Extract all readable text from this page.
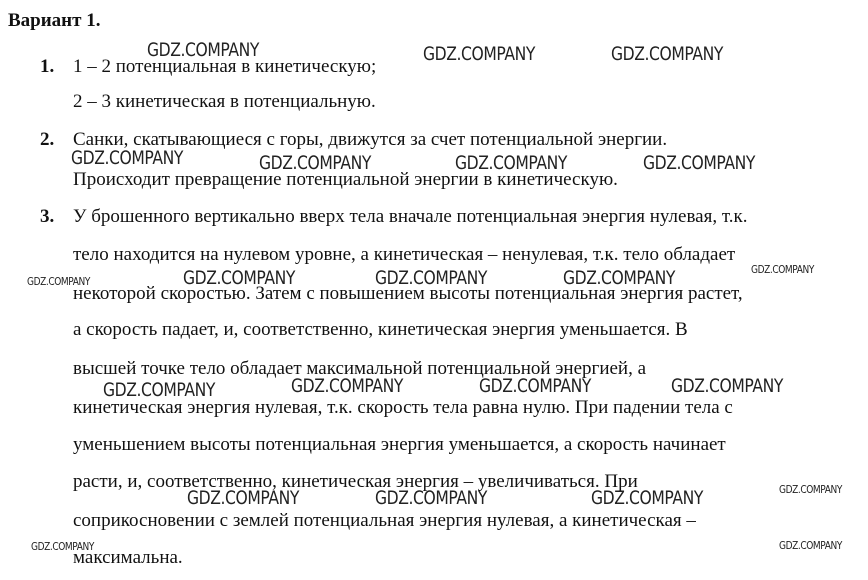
Вариант 1.
1. 1 – 2 потенциальная в кинетическую;
2 – 3 кинетическая в потенциальную.
2. Санки, скатывающиеся с горы, движутся за счет потенциальной энергии.
Происходит превращение потенциальной энергии в кинетическую.
3. У брошенного вертикально вверх тела вначале потенциальная энергия нулевая, т.к.
тело находится на нулевом уровне, а кинетическая – ненулевая, т.к. тело обладает
некоторой скоростью. Затем с повышением высоты потенциальная энергия растет,
а скорость падает, и, соответственно, кинетическая энергия уменьшается. В
высшей точке тело обладает максимальной потенциальной энергией, а
кинетическая энергия нулевая, т.к. скорость тела равна нулю. При падении тела с
уменьшением высоты потенциальная энергия уменьшается, а скорость начинает
расти, и, соответственно, кинетическая энергия – увеличиваться. При
соприкосновении с землей потенциальная энергия нулевая, а кинетическая –
максимальна.
GDZ.COMPANY	GDZ.COMPANY	GDZ.COMPANY
GDZ.COMPANY	GDZ.COMPANY	GDZ.COMPANY	GDZ.COMPANY
GDZ.COMPANY	GDZ.COMPANY	GDZ.COMPANY	GDZ.COMPANY	GDZ.COMPANY
GDZ.COMPANY	GDZ.COMPANY	GDZ.COMPANY	GDZ.COMPANY
GDZ.COMPANY	GDZ.COMPANY	GDZ.COMPANY	GDZ.COMPANY
GDZ.COMPANY	GDZ.COMPANY
